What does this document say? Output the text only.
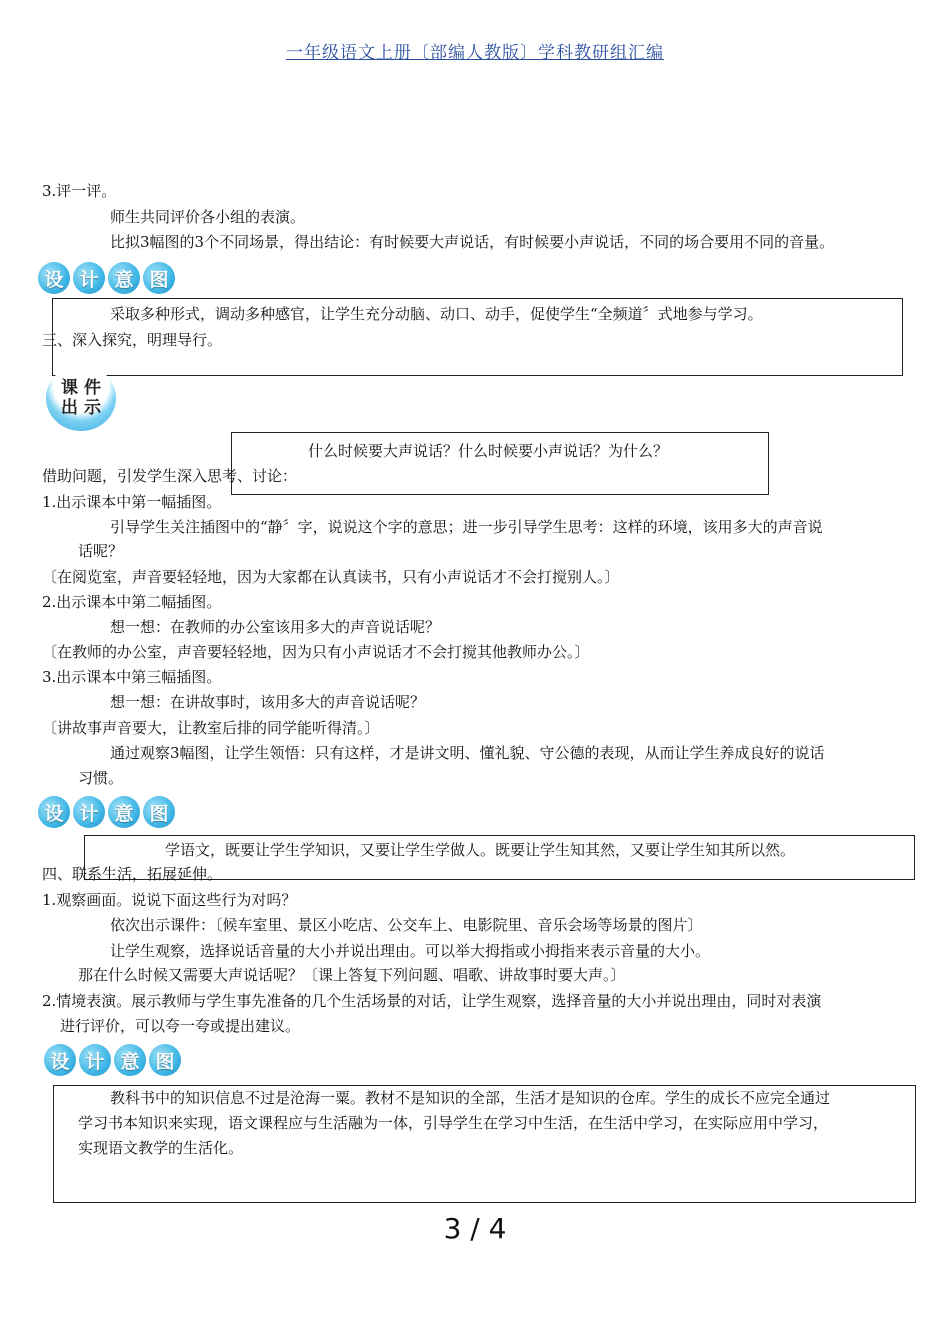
一年级语文上册〔部编人教版〕学科教研组汇编
3.评一评。
师生共同评价各小组的表演。
比拟3幅图的3个不同场景，得出结论：有时候要大声说话，有时候要小声说话，不同的场合要用不同的音量。
设 计 意 图
采取多种形式，调动多种感官，让学生充分动脑、动口、动手，促使学生“全频道〞式地参与学习。
三、深入探究，明理导行。
课 件
出 示
什么时候要大声说话？什么时候要小声说话？为什么？
借助问题，引发学生深入思考、讨论：
1.出示课本中第一幅插图。
引导学生关注插图中的“静〞字，说说这个字的意思；进一步引导学生思考：这样的环境，该用多大的声音说
话呢？
〔在阅览室，声音要轻轻地，因为大家都在认真读书，只有小声说话才不会打搅别人。〕
2.出示课本中第二幅插图。
想一想：在教师的办公室该用多大的声音说话呢？
〔在教师的办公室，声音要轻轻地，因为只有小声说话才不会打搅其他教师办公。〕
3.出示课本中第三幅插图。
想一想：在讲故事时，该用多大的声音说话呢？
〔讲故事声音要大，让教室后排的同学能听得清。〕
通过观察3幅图，让学生领悟：只有这样，才是讲文明、懂礼貌、守公德的表现，从而让学生养成良好的说话
习惯。
设 计 意 图
学语文，既要让学生学知识，又要让学生学做人。既要让学生知其然，又要让学生知其所以然。
四、联系生活，拓展延伸。
1.观察画面。说说下面这些行为对吗？
依次出示课件：〔候车室里、景区小吃店、公交车上、电影院里、音乐会场等场景的图片〕
让学生观察，选择说话音量的大小并说出理由。可以举大拇指或小拇指来表示音量的大小。
那在什么时候又需要大声说话呢？〔课上答复下列问题、唱歌、讲故事时要大声。〕
2.情境表演。展示教师与学生事先准备的几个生活场景的对话，让学生观察，选择音量的大小并说出理由，同时对表演
进行评价，可以夸一夸或提出建议。
设 计 意 图
教科书中的知识信息不过是沧海一粟。教材不是知识的全部，生活才是知识的仓库。学生的成长不应完全通过
学习书本知识来实现，语文课程应与生活融为一体，引导学生在学习中生活，在生活中学习，在实际应用中学习，
实现语文教学的生活化。
3 / 4
